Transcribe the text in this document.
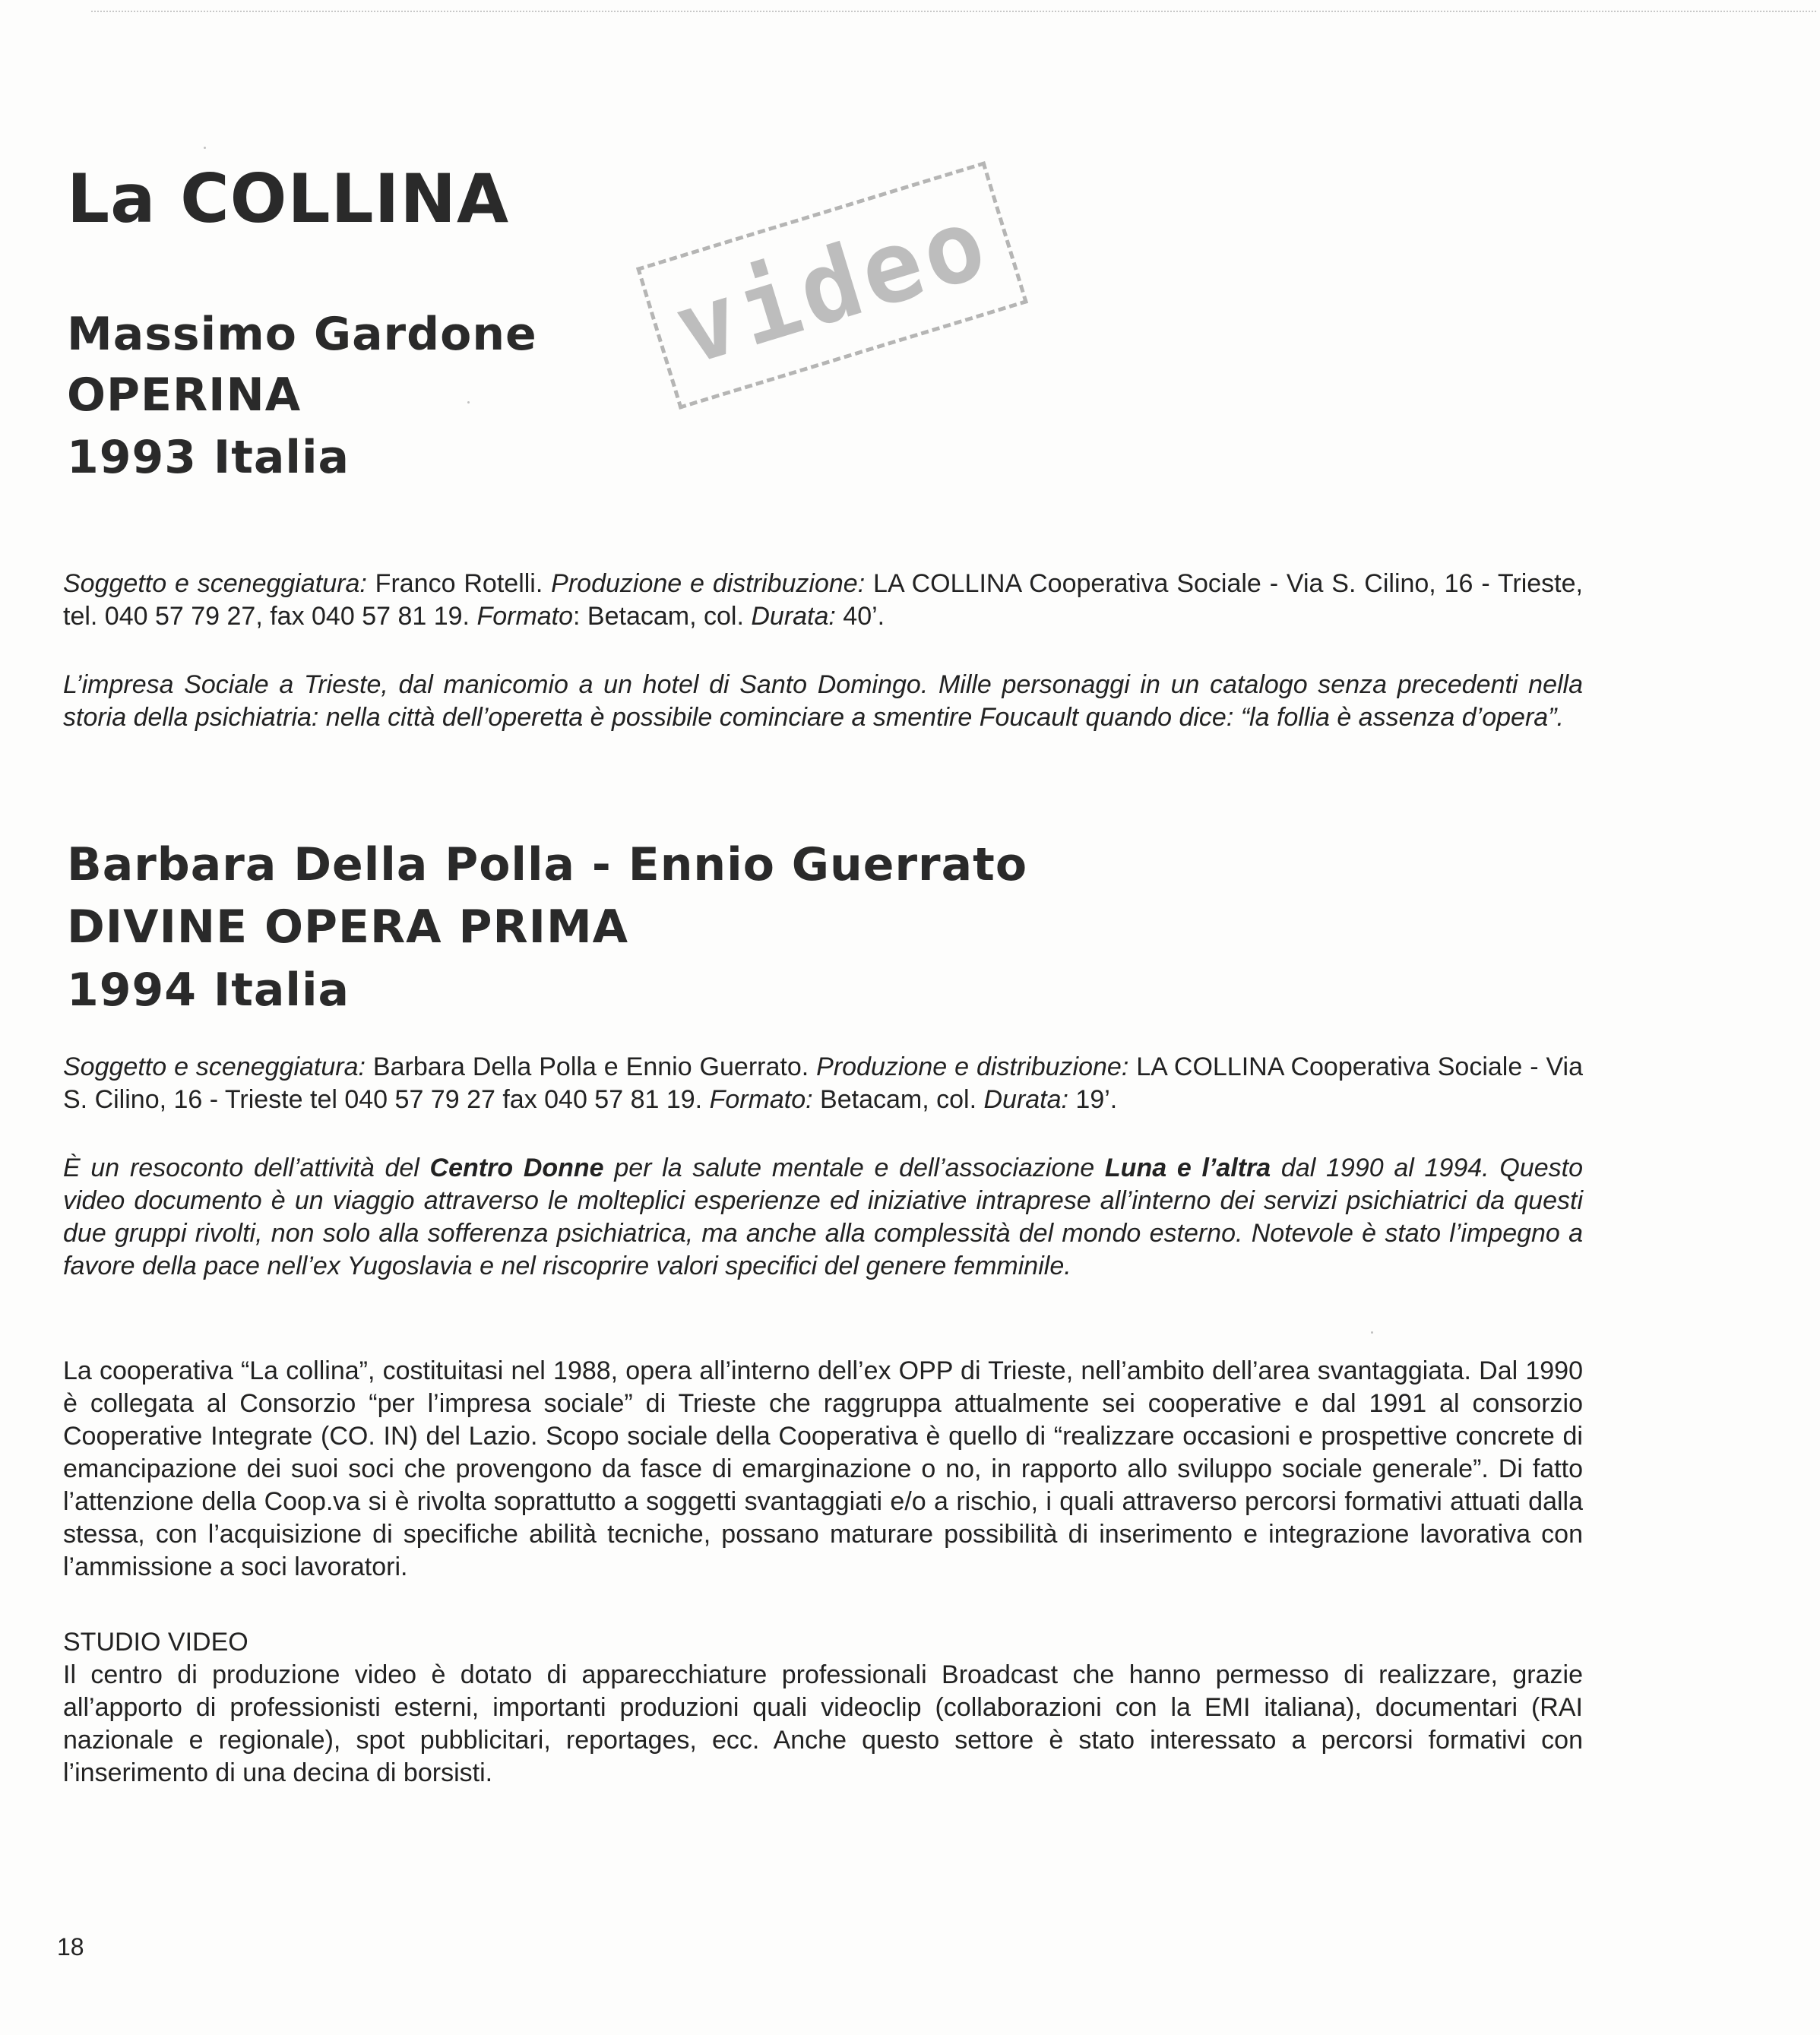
La COLLINA video
Massimo Gardone
OPERINA
1993 Italia

Soggetto e sceneggiatura: Franco Rotelli. Produzione e distribuzione: LA COLLINA Cooperativa Sociale - Via S. Cilino, 16 - Trieste, tel. 040 57 79 27, fax 040 57 81 19. Formato: Betacam, col. Durata: 40’.

L’impresa Sociale a Trieste, dal manicomio a un hotel di Santo Domingo. Mille personaggi in un catalogo senza precedenti nella storia della psichiatria: nella città dell’operetta è possibile cominciare a smentire Foucault quando dice: “la follia è assenza d’opera”.

Barbara Della Polla - Ennio Guerrato
DIVINE OPERA PRIMA
1994 Italia

Soggetto e sceneggiatura: Barbara Della Polla e Ennio Guerrato. Produzione e distribuzione: LA COLLINA Cooperativa Sociale - Via S. Cilino, 16 - Trieste tel 040 57 79 27 fax 040 57 81 19. Formato: Betacam, col. Durata: 19’.

È un resoconto dell’attività del Centro Donne per la salute mentale e dell’associazione Luna e l’altra dal 1990 al 1994. Questo video documento è un viaggio attraverso le molteplici esperienze ed iniziative intraprese all’interno dei servizi psichiatrici da questi due gruppi rivolti, non solo alla sofferenza psichiatrica, ma anche alla complessità del mondo esterno. Notevole è stato l’impegno a favore della pace nell’ex Yugoslavia e nel riscoprire valori specifici del genere femminile.

La cooperativa “La collina”, costituitasi nel 1988, opera all’interno dell’ex OPP di Trieste, nell’ambito dell’area svantaggiata. Dal 1990 è collegata al Consorzio “per l’impresa sociale” di Trieste che raggruppa attualmente sei cooperative e dal 1991 al consorzio Cooperative Integrate (CO. IN) del Lazio. Scopo sociale della Cooperativa è quello di “realizzare occasioni e prospettive concrete di emancipazione dei suoi soci che provengono da fasce di emarginazione o no, in rapporto allo sviluppo sociale generale”. Di fatto l’attenzione della Coop.va si è rivolta soprattutto a soggetti svantaggiati e/o a rischio, i quali attraverso percorsi formativi attuati dalla stessa, con l’acquisizione di specifiche abilità tecniche, possano maturare possibilità di inserimento e integrazione lavorativa con l’ammissione a soci lavoratori.

STUDIO VIDEO
Il centro di produzione video è dotato di apparecchiature professionali Broadcast che hanno permesso di realizzare, grazie all’apporto di professionisti esterni, importanti produzioni quali videoclip (collaborazioni con la EMI italiana), documentari (RAI nazionale e regionale), spot pubblicitari, reportages, ecc. Anche questo settore è stato interessato a percorsi formativi con l’inserimento di una decina di borsisti.
18
